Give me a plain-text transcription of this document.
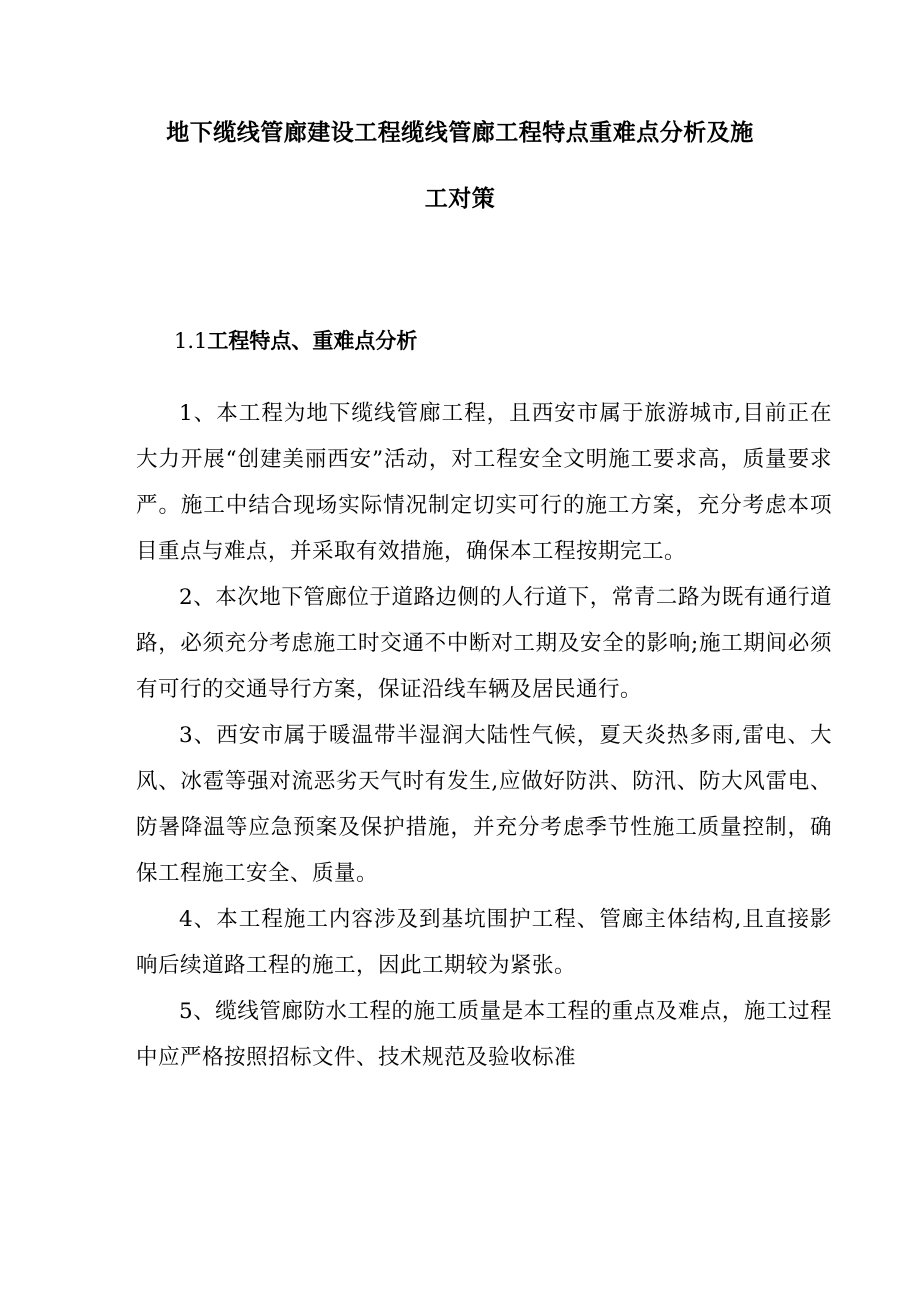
地下缆线管廊建设工程缆线管廊工程特点重难点分析及施
工对策
1.1工程特点、重难点分析

1、本工程为地下缆线管廊工程，且西安市属于旅游城市,目前正在大力开展“创建美丽西安”活动，对工程安全文明施工要求高，质量要求严。施工中结合现场实际情况制定切实可行的施工方案，充分考虑本项目重点与难点，并采取有效措施，确保本工程按期完工。

2、本次地下管廊位于道路边侧的人行道下，常青二路为既有通行道路，必须充分考虑施工时交通不中断对工期及安全的影响;施工期间必须有可行的交通导行方案，保证沿线车辆及居民通行。

3、西安市属于暖温带半湿润大陆性气候，夏天炎热多雨,雷电、大风、冰雹等强对流恶劣天气时有发生,应做好防洪、防汛、防大风雷电、防暑降温等应急预案及保护措施，并充分考虑季节性施工质量控制，确保工程施工安全、质量。

4、本工程施工内容涉及到基坑围护工程、管廊主体结构,且直接影响后续道路工程的施工，因此工期较为紧张。

5、缆线管廊防水工程的施工质量是本工程的重点及难点，施工过程中应严格按照招标文件、技术规范及验收标准
